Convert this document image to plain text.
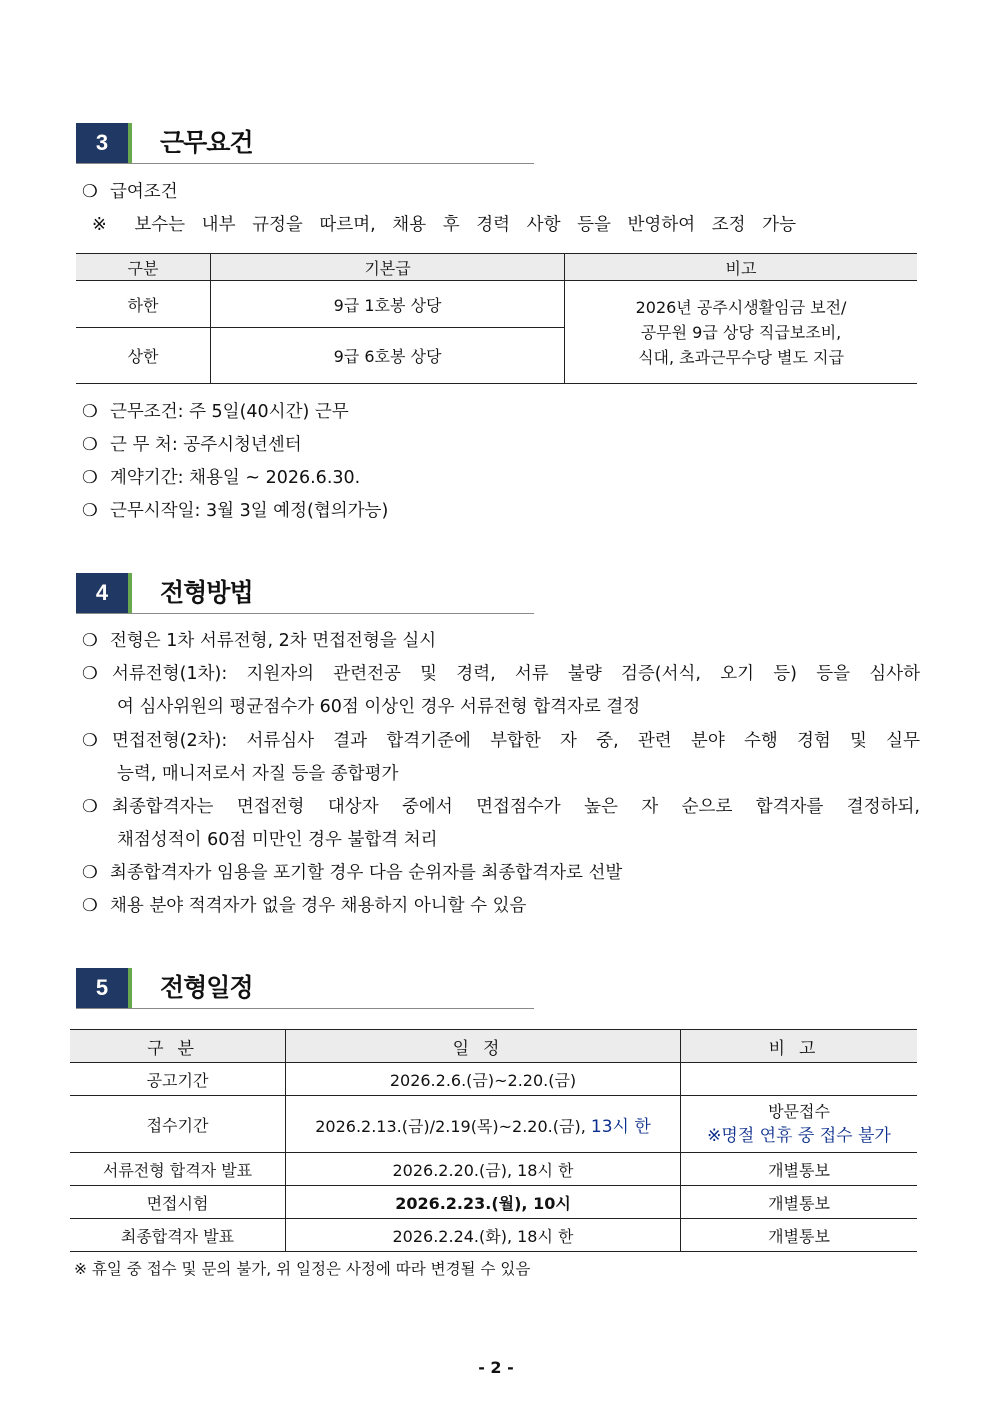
3	근무요건
❍ 급여조건
※ 보수는 내부 규정을 따르며, 채용 후 경력 사항 등을 반영하여 조정 가능
구분	기본급	비고
하한	9급 1호봉 상당	2026년 공주시생활임금 보전/
공무원 9급 상당 직급보조비,
식대, 초과근무수당 별도 지급

상한	9급 6호봉 상당	
❍ 근무조건: 주 5일(40시간) 근무
❍ 근 무 처: 공주시청년센터
❍ 계약기간: 채용일 ~ 2026.6.30.
❍ 근무시작일: 3월 3일 예정(협의가능)
4	전형방법
❍ 전형은 1차 서류전형, 2차 면접전형을 실시
❍ 서류전형(1차): 지원자의 관련전공 및 경력, 서류 불량 검증(서식, 오기 등) 등을 심사하
여 심사위원의 평균점수가 60점 이상인 경우 서류전형 합격자로 결정
❍ 면접전형(2차): 서류심사 결과 합격기준에 부합한 자 중, 관련 분야 수행 경험 및 실무
능력, 매니저로서 자질 등을 종합평가
❍ 최종합격자는 면접전형 대상자 중에서 면접점수가 높은 자 순으로 합격자를 결정하되,
채점성적이 60점 미만인 경우 불합격 처리
❍ 최종합격자가 임용을 포기할 경우 다음 순위자를 최종합격자로 선발
❍ 채용 분야 적격자가 없을 경우 채용하지 아니할 수 있음
5	전형일정
구분	일정	비고
공고기간	2026.2.6.(금)~2.20.(금)	
접수기간	2026.2.13.(금)/2.19(목)~2.20.(금), 13시 한	방문접수
※명절 연휴 중 접수 불가

서류전형 합격자 발표	2026.2.20.(금), 18시 한	개별통보
면접시험	2026.2.23.(월), 10시	개별통보
최종합격자 발표	2026.2.24.(화), 18시 한	개별통보
※ 휴일 중 접수 및 문의 불가, 위 일정은 사정에 따라 변경될 수 있음
- 2 -
